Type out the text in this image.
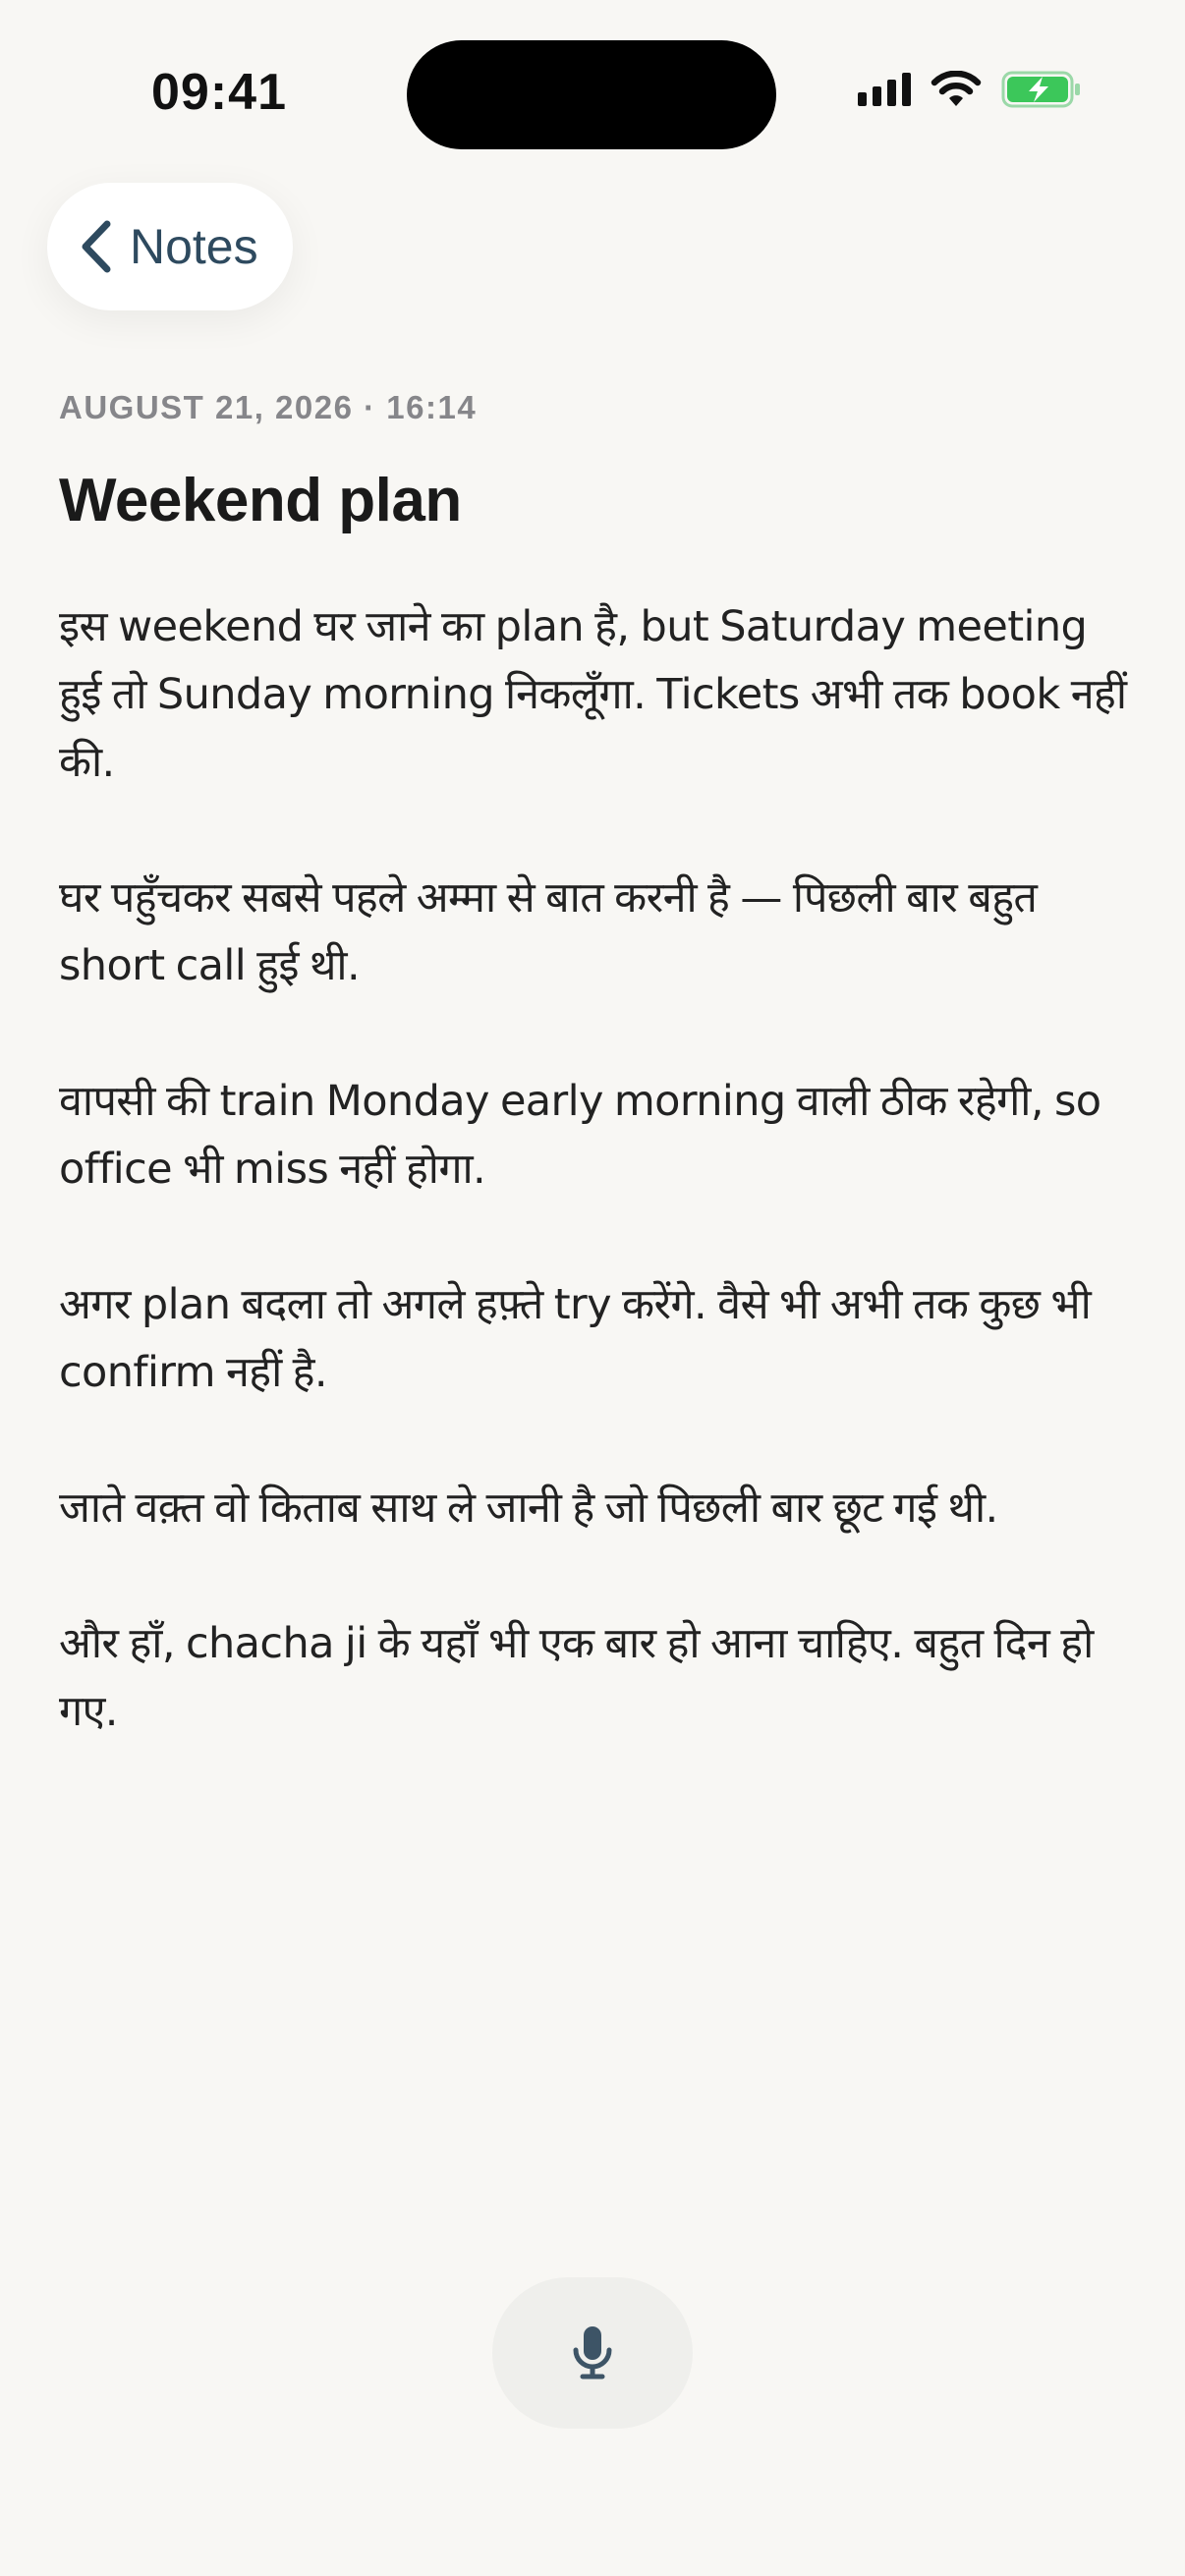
09:41
Notes
AUGUST 21, 2026 · 16:14
Weekend plan

इस weekend घर जाने का plan है, but Saturday meeting हुई तो Sunday morning निकलूँगा. Tickets अभी तक book नहीं की.

घर पहुँचकर सबसे पहले अम्मा से बात करनी है — पिछली बार बहुत short call हुई थी.

वापसी की train Monday early morning वाली ठीक रहेगी, so office भी miss नहीं होगा.

अगर plan बदला तो अगले हफ़्ते try करेंगे. वैसे भी अभी तक कुछ भी confirm नहीं है.

जाते वक़्त वो किताब साथ ले जानी है जो पिछली बार छूट गई थी.

और हाँ, chacha ji के यहाँ भी एक बार हो आना चाहिए. बहुत दिन हो गए.
